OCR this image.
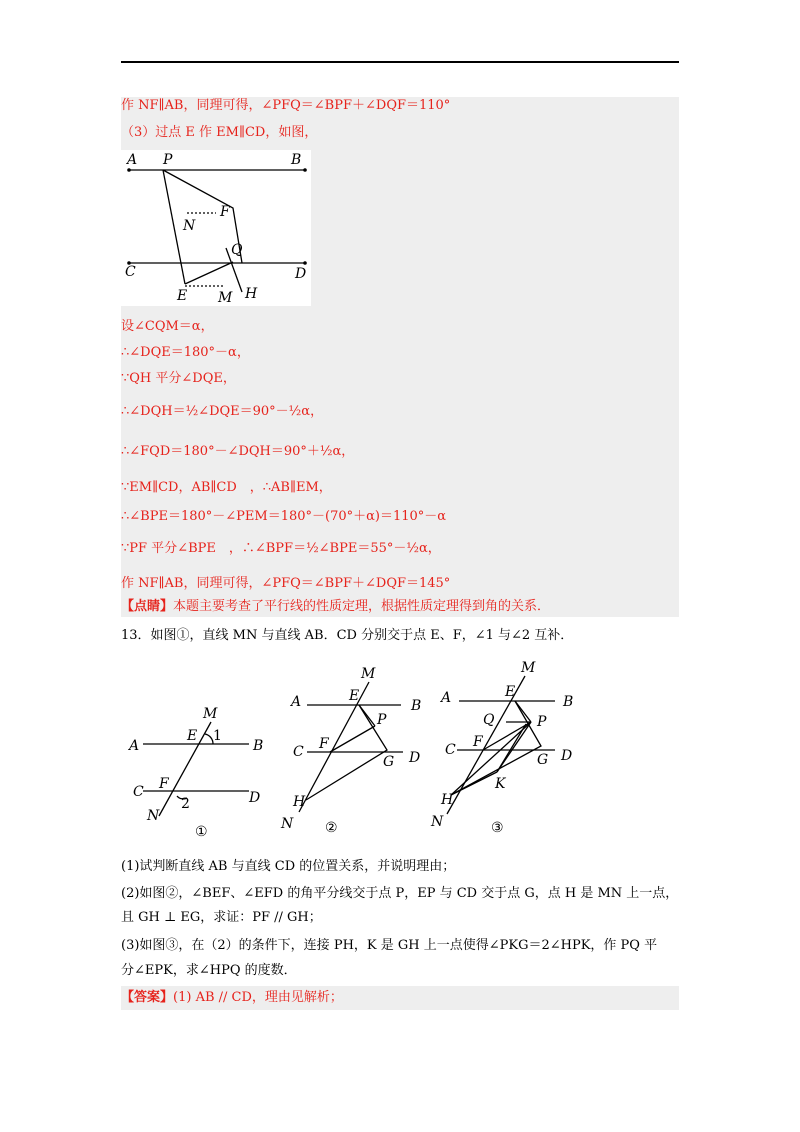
作 NF∥AB，同理可得，∠PFQ＝∠BPF＋∠DQF＝110°
（3）过点 E 作 EM∥CD，如图，
A P	B
F
N
Q
C	D
E M H
设∠CQM＝α，
∴∠DQE＝180°－α，
∵QH 平分∠DQE，
∴∠DQH＝½∠DQE＝90°－½α，
∴∠FQD＝180°－∠DQH＝90°＋½α，
∵EM∥CD，AB∥CD　，∴AB∥EM，
∴∠BPE＝180°－∠PEM＝180°－(70°＋α)＝110°－α
∵PF 平分∠BPE　，∴∠BPF＝½∠BPE＝55°－½α，
作 NF∥AB，同理可得，∠PFQ＝∠BPF＋∠DQF＝145°
【点睛】本题主要考查了平行线的性质定理，根据性质定理得到角的关系．
13．如图①，直线 MN 与直线 AB．CD 分别交于点 E、F，∠1 与∠2 互补．
M
A
E 1
B
C F
D
2
N
①
M
A	E
B
P
C F
D
G
H
N ②
M
A	E
B
Q	P
C F
D
G
K
H
N	③
(1)试判断直线 AB 与直线 CD 的位置关系，并说明理由；
(2)如图②，∠BEF、∠EFD 的角平分线交于点 P，EP 与 CD 交于点 G，点 H 是 MN 上一点，
且 GH ⊥ EG，求证：PF // GH；
(3)如图③，在（2）的条件下，连接 PH，K 是 GH 上一点使得∠PKG＝2∠HPK，作 PQ 平
分∠EPK，求∠HPQ 的度数．
【答案】(1) AB // CD，理由见解析；
